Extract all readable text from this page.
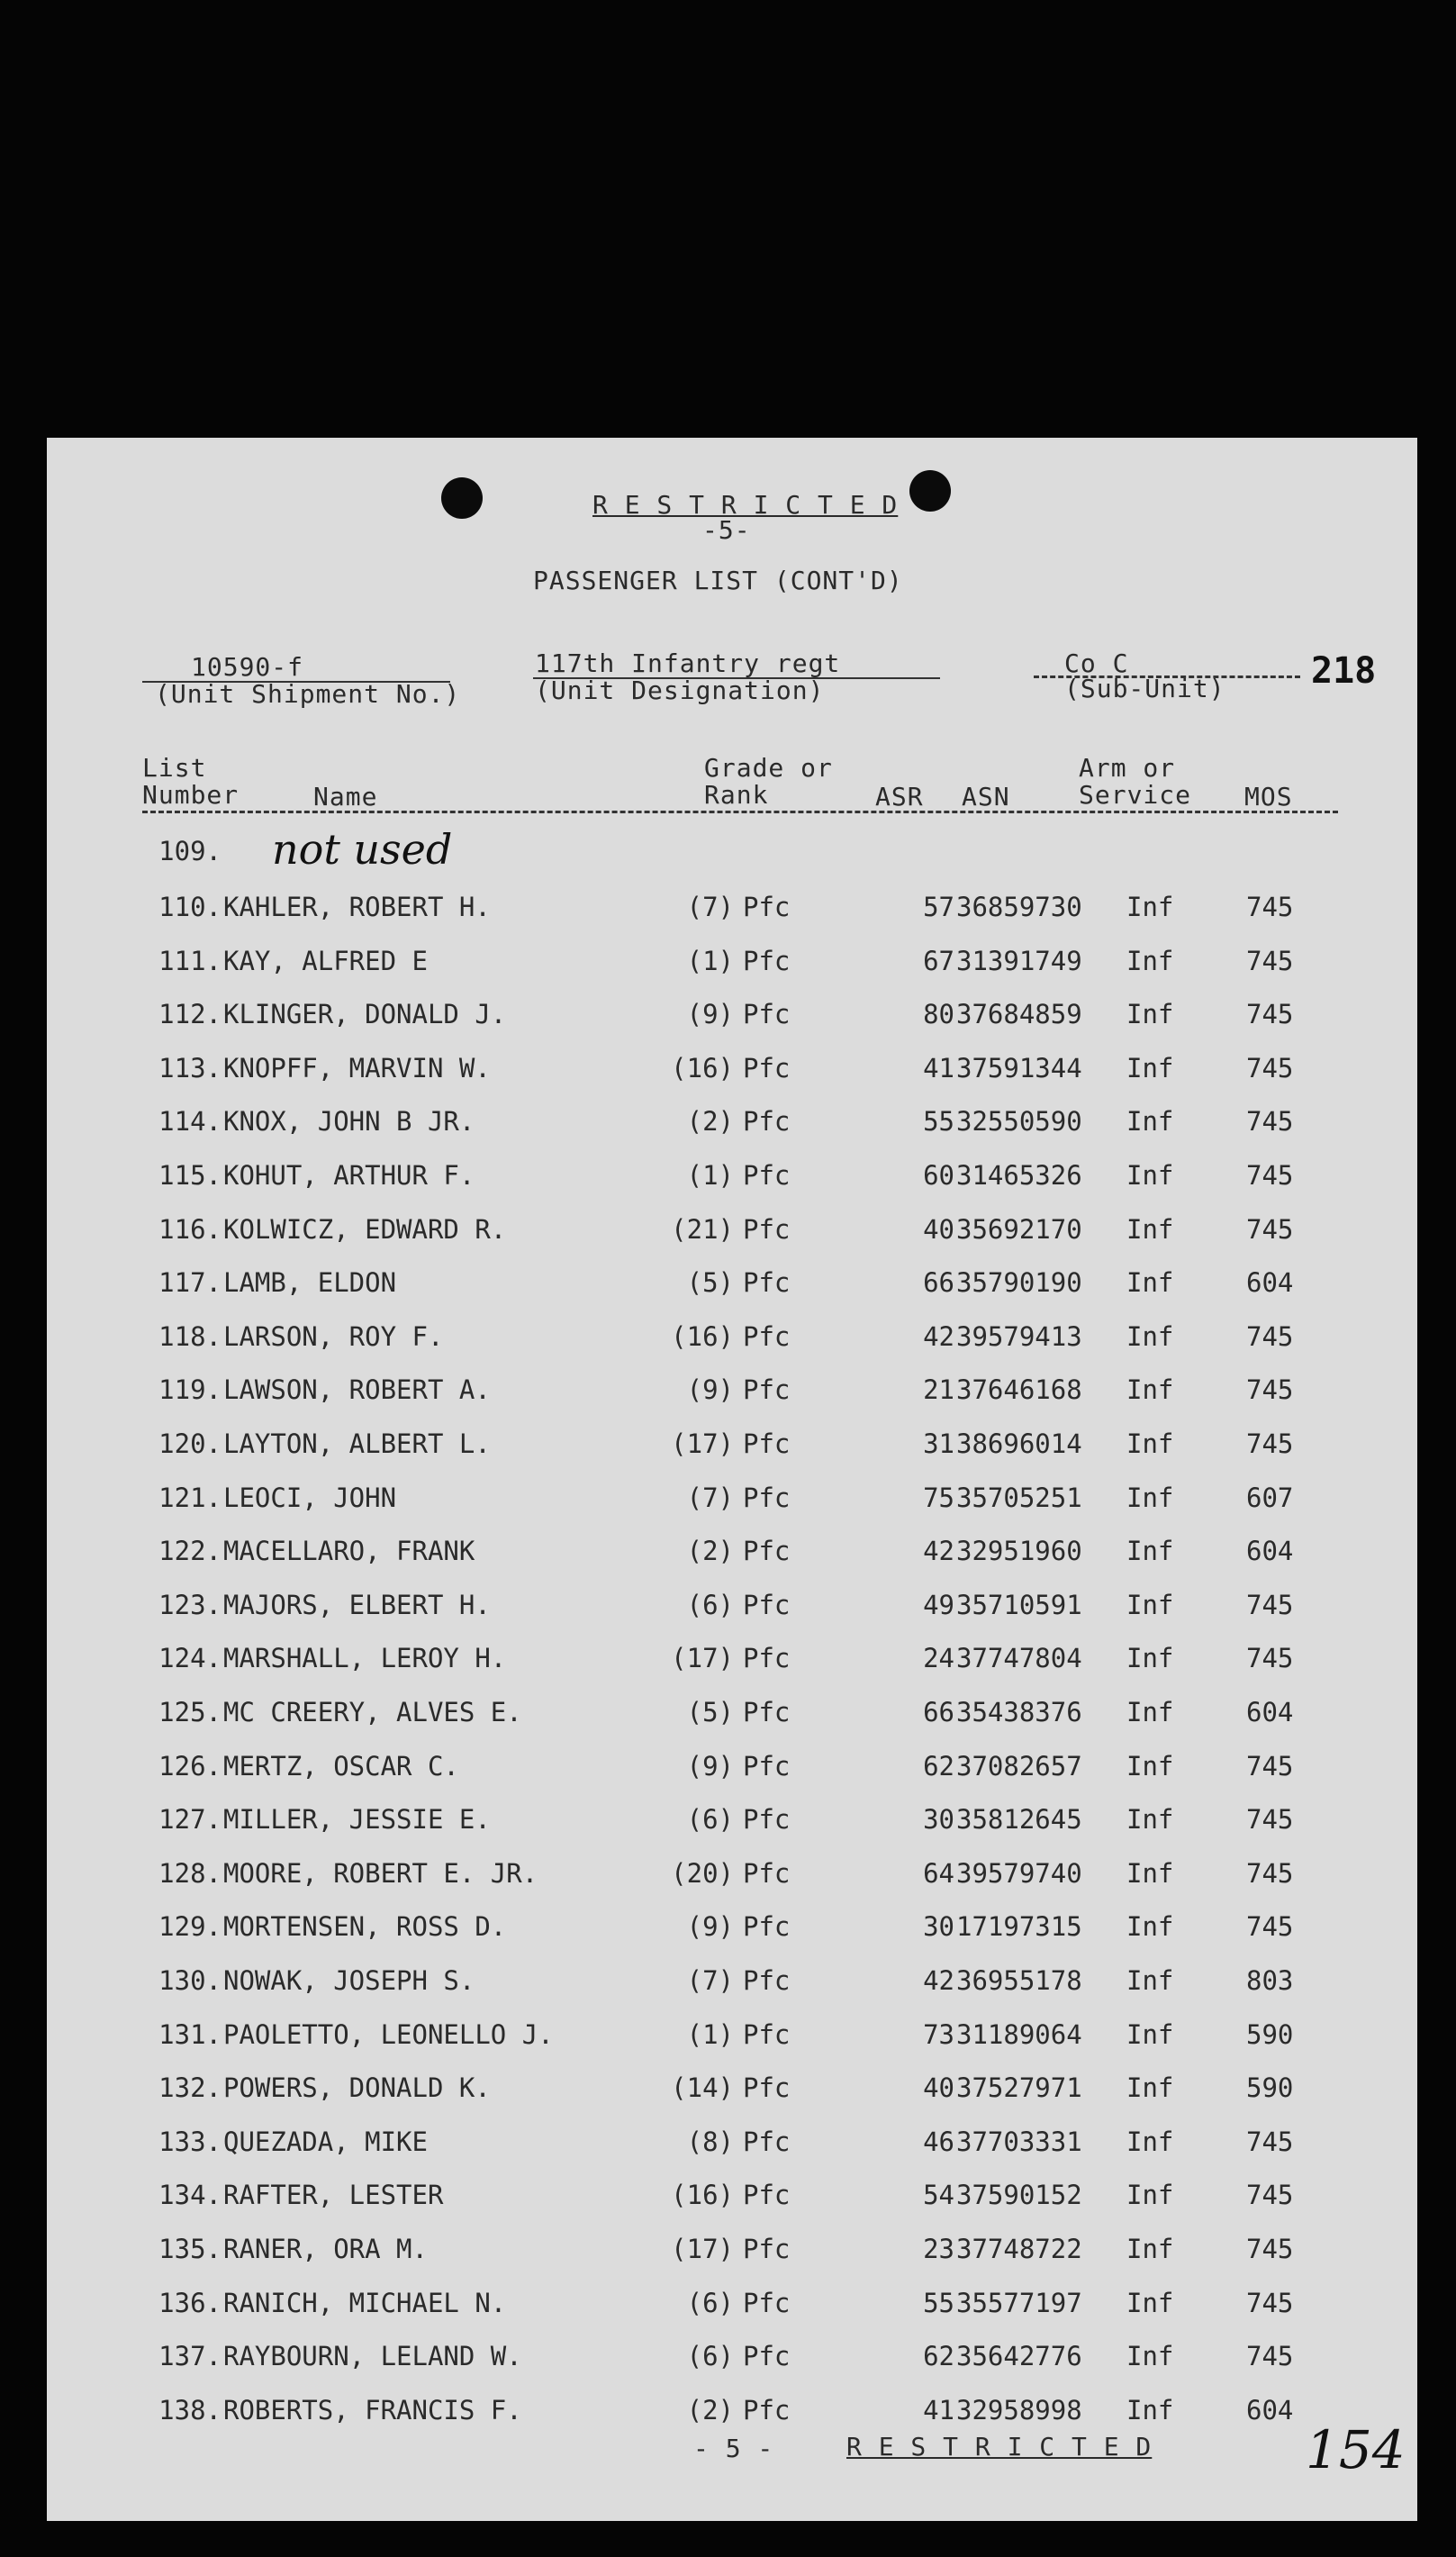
R E S T R I C T E D
-5-
PASSENGER LIST (CONT'D)
10590-f
(Unit Shipment No.)
117th Infantry regt
(Unit Designation)
Co C
(Sub-Unit) 218
List Number	Name
Grade or Rank	ASR ASN
Arm or Service	MOS
109. not used
110. KAHLER, ROBERT H.	(7) Pfc	57 36859730 Inf	745
111. KAY, ALFRED E	(1) Pfc	67 31391749 Inf	745
112. KLINGER, DONALD J.	(9) Pfc	80 37684859 Inf	745
113. KNOPFF, MARVIN W.	(16) Pfc	41 37591344 Inf	745
114. KNOX, JOHN B JR.	(2) Pfc	55 32550590 Inf	745
115. KOHUT, ARTHUR F.	(1) Pfc	60 31465326 Inf	745
116. KOLWICZ, EDWARD R.	(21) Pfc	40 35692170 Inf	745
117. LAMB, ELDON	(5) Pfc	66 35790190 Inf	604
118. LARSON, ROY F.	(16) Pfc	42 39579413 Inf	745
119. LAWSON, ROBERT A.	(9) Pfc	21 37646168 Inf	745
120. LAYTON, ALBERT L.	(17) Pfc	31 38696014 Inf	745
121. LEOCI, JOHN	(7) Pfc	75 35705251 Inf	607
122. MACELLARO, FRANK	(2) Pfc	42 32951960 Inf	604
123. MAJORS, ELBERT H.	(6) Pfc	49 35710591 Inf	745
124. MARSHALL, LEROY H.	(17) Pfc	24 37747804 Inf	745
125. MC CREERY, ALVES E.	(5) Pfc	66 35438376 Inf	604
126. MERTZ, OSCAR C.	(9) Pfc	62 37082657 Inf	745
127. MILLER, JESSIE E.	(6) Pfc	30 35812645 Inf	745
128. MOORE, ROBERT E. JR.	(20) Pfc	64 39579740 Inf	745
129. MORTENSEN, ROSS D.	(9) Pfc	30 17197315 Inf	745
130. NOWAK, JOSEPH S.	(7) Pfc	42 36955178 Inf	803
131. PAOLETTO, LEONELLO J.	(1) Pfc	73 31189064 Inf	590
132. POWERS, DONALD K.	(14) Pfc	40 37527971 Inf	590
133. QUEZADA, MIKE	(8) Pfc	46 37703331 Inf	745
134. RAFTER, LESTER	(16) Pfc	54 37590152 Inf	745
135. RANER, ORA M.	(17) Pfc	23 37748722 Inf	745
136. RANICH, MICHAEL N.	(6) Pfc	55 35577197 Inf	745
137. RAYBOURN, LELAND W.	(6) Pfc	62 35642776 Inf	745
138. ROBERTS, FRANCIS F.	(2) Pfc	41 32958998 Inf	604
- 5 -	R E S T R I C T E D	154
